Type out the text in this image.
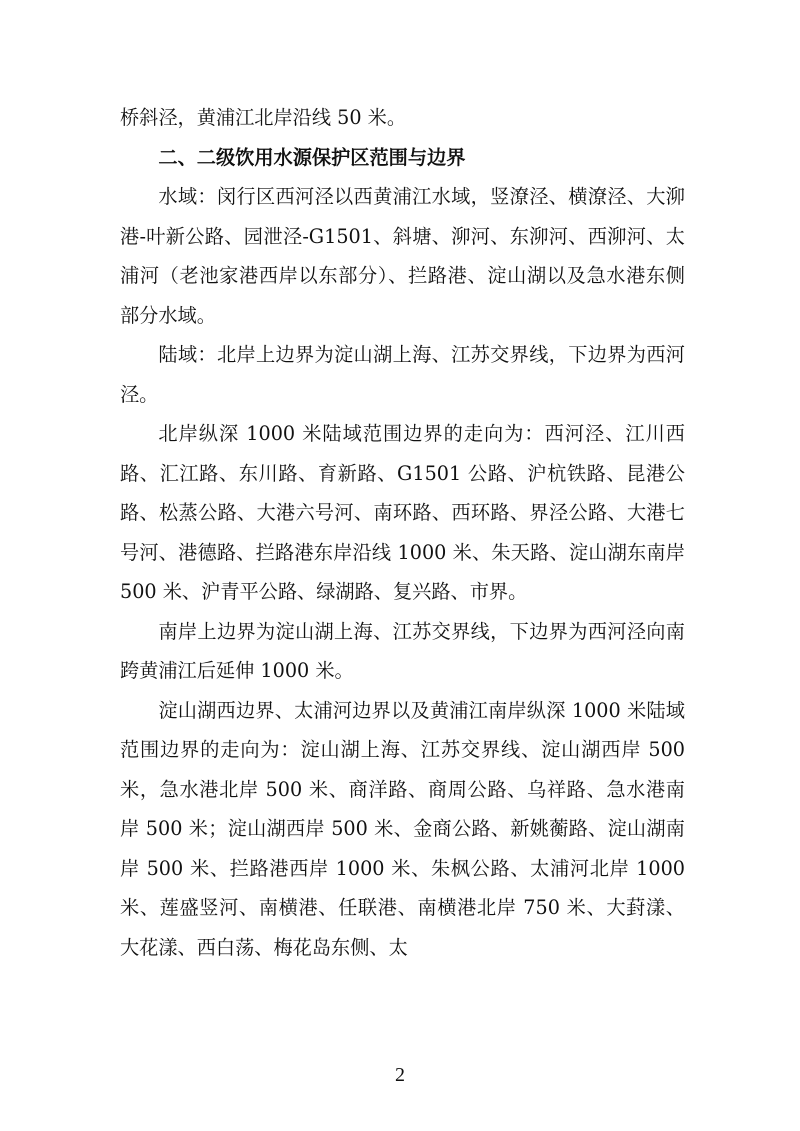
桥斜泾，黄浦江北岸沿线 50 米。

二、二级饮用水源保护区范围与边界

水域：闵行区西河泾以西黄浦江水域，竖潦泾、横潦泾、大泖港-叶新公路、园泄泾-G1501、斜塘、泖河、东泖河、西泖河、太浦河（老池家港西岸以东部分）、拦路港、淀山湖以及急水港东侧部分水域。

陆域：北岸上边界为淀山湖上海、江苏交界线，下边界为西河泾。

北岸纵深 1000 米陆域范围边界的走向为：西河泾、江川西路、汇江路、东川路、育新路、G1501 公路、沪杭铁路、昆港公路、松蒸公路、大港六号河、南环路、西环路、界泾公路、大港七号河、港德路、拦路港东岸沿线 1000 米、朱天路、淀山湖东南岸 500 米、沪青平公路、绿湖路、复兴路、市界。

南岸上边界为淀山湖上海、江苏交界线，下边界为西河泾向南跨黄浦江后延伸 1000 米。

淀山湖西边界、太浦河边界以及黄浦江南岸纵深 1000 米陆域范围边界的走向为：淀山湖上海、江苏交界线、淀山湖西岸 500 米，急水港北岸 500 米、商洋路、商周公路、乌祥路、急水港南岸 500 米；淀山湖西岸 500 米、金商公路、新姚蘅路、淀山湖南岸 500 米、拦路港西岸 1000 米、朱枫公路、太浦河北岸 1000 米、莲盛竖河、南横港、任联港、南横港北岸 750 米、大葑漾、大花漾、西白荡、梅花岛东侧、太

2
